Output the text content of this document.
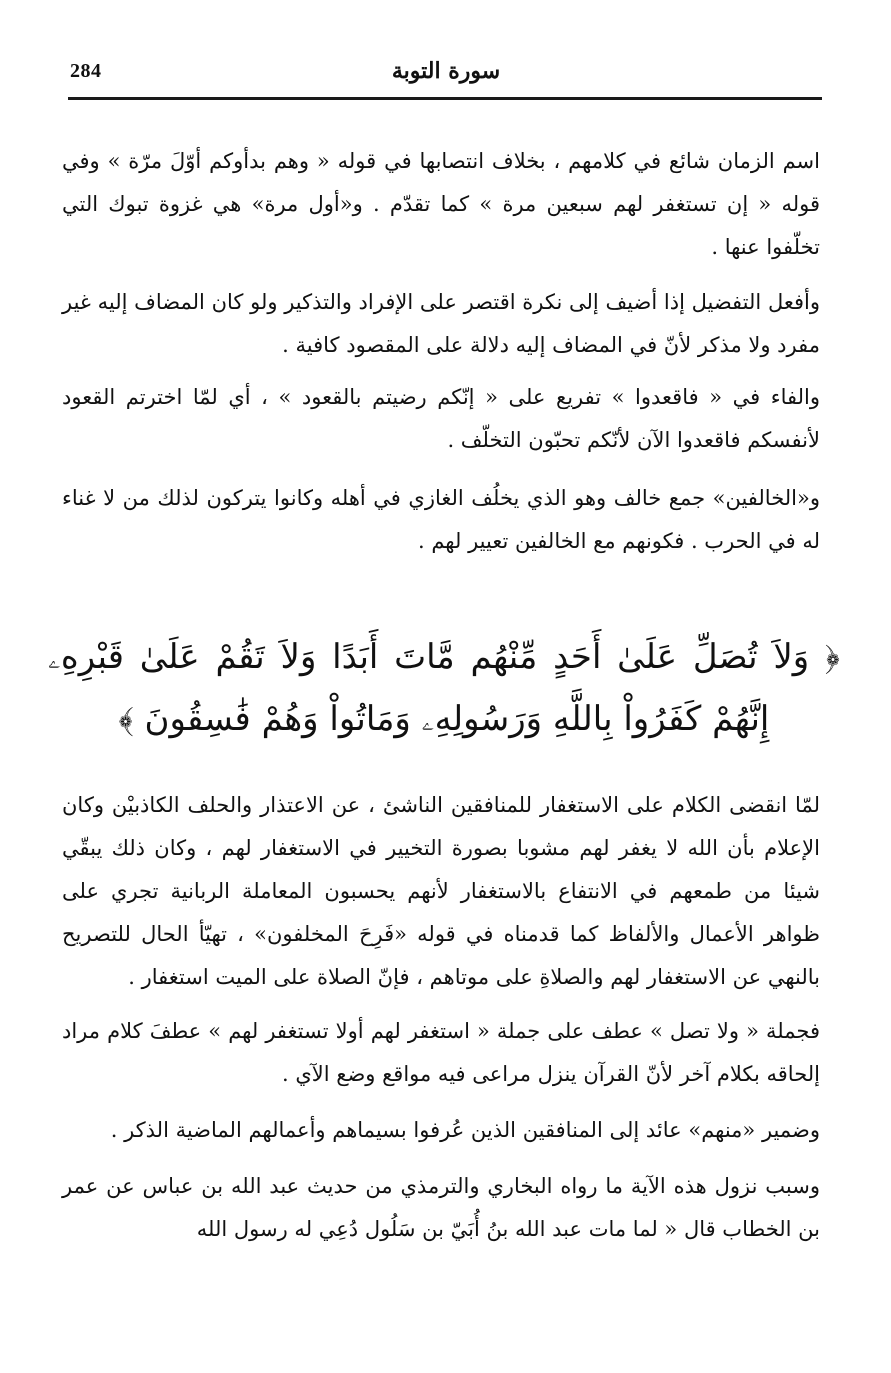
284	سورة التوبة

اسم الزمان شائع في كلامهم ، بخلاف انتصابها في قوله « وهم بدأوكم أوّلَ مرّة » وفي قوله « إن تستغفر لهم سبعين مرة » كما تقدّم . و«أول مرة» هي غزوة تبوك التي تخلّفوا عنها .

وأفعل التفضيل إذا أضيف إلى نكرة اقتصر على الإفراد والتذكير ولو كان المضاف إليه غير مفرد ولا مذكر لأنّ في المضاف إليه دلالة على المقصود كافية .

والفاء في « فاقعدوا » تفريع على « إنّكم رضيتم بالقعود » ، أي لمّا اخترتم القعود لأنفسكم فاقعدوا الآن لأنّكم تحبّون التخلّف .

و«الخالفين» جمع خالف وهو الذي يخلُف الغازي في أهله وكانوا يتركون لذلك من لا غناء له في الحرب . فكونهم مع الخالفين تعيير لهم .

﴿ وَلاَ تُصَلِّ عَلَىٰ أَحَدٍ مِّنْهُم مَّاتَ أَبَدًا وَلاَ تَقُمْ عَلَىٰ قَبْرِهِۦ إِنَّهُمْ كَفَرُواْ بِاللَّهِ وَرَسُولِهِۦ وَمَاتُواْ وَهُمْ فَٰسِقُونَ ﴾

لمّا انقضى الكلام على الاستغفار للمنافقين الناشئ ، عن الاعتذار والحلف الكاذبيْن وكان الإعلام بأن الله لا يغفر لهم مشوبا بصورة التخيير في الاستغفار لهم ، وكان ذلك يبقّي شيئا من طمعهم في الانتفاع بالاستغفار لأنهم يحسبون المعاملة الربانية تجري على ظواهر الأعمال والألفاظ كما قدمناه في قوله «فَرِحَ المخلفون» ، تهيّأ الحال للتصريح بالنهي عن الاستغفار لهم والصلاةِ على موتاهم ، فإنّ الصلاة على الميت استغفار .

فجملة « ولا تصل » عطف على جملة « استغفر لهم أولا تستغفر لهم » عطفَ كلام مراد إلحاقه بكلام آخر لأنّ القرآن ينزل مراعى فيه مواقع وضع الآي .

وضمير «منهم» عائد إلى المنافقين الذين عُرفوا بسيماهم وأعمالهم الماضية الذكر .

وسبب نزول هذه الآية ما رواه البخاري والترمذي من حديث عبد الله بن عباس عن عمر بن الخطاب قال « لما مات عبد الله بنُ أُبَيّ بن سَلُول دُعِي له رسول الله
